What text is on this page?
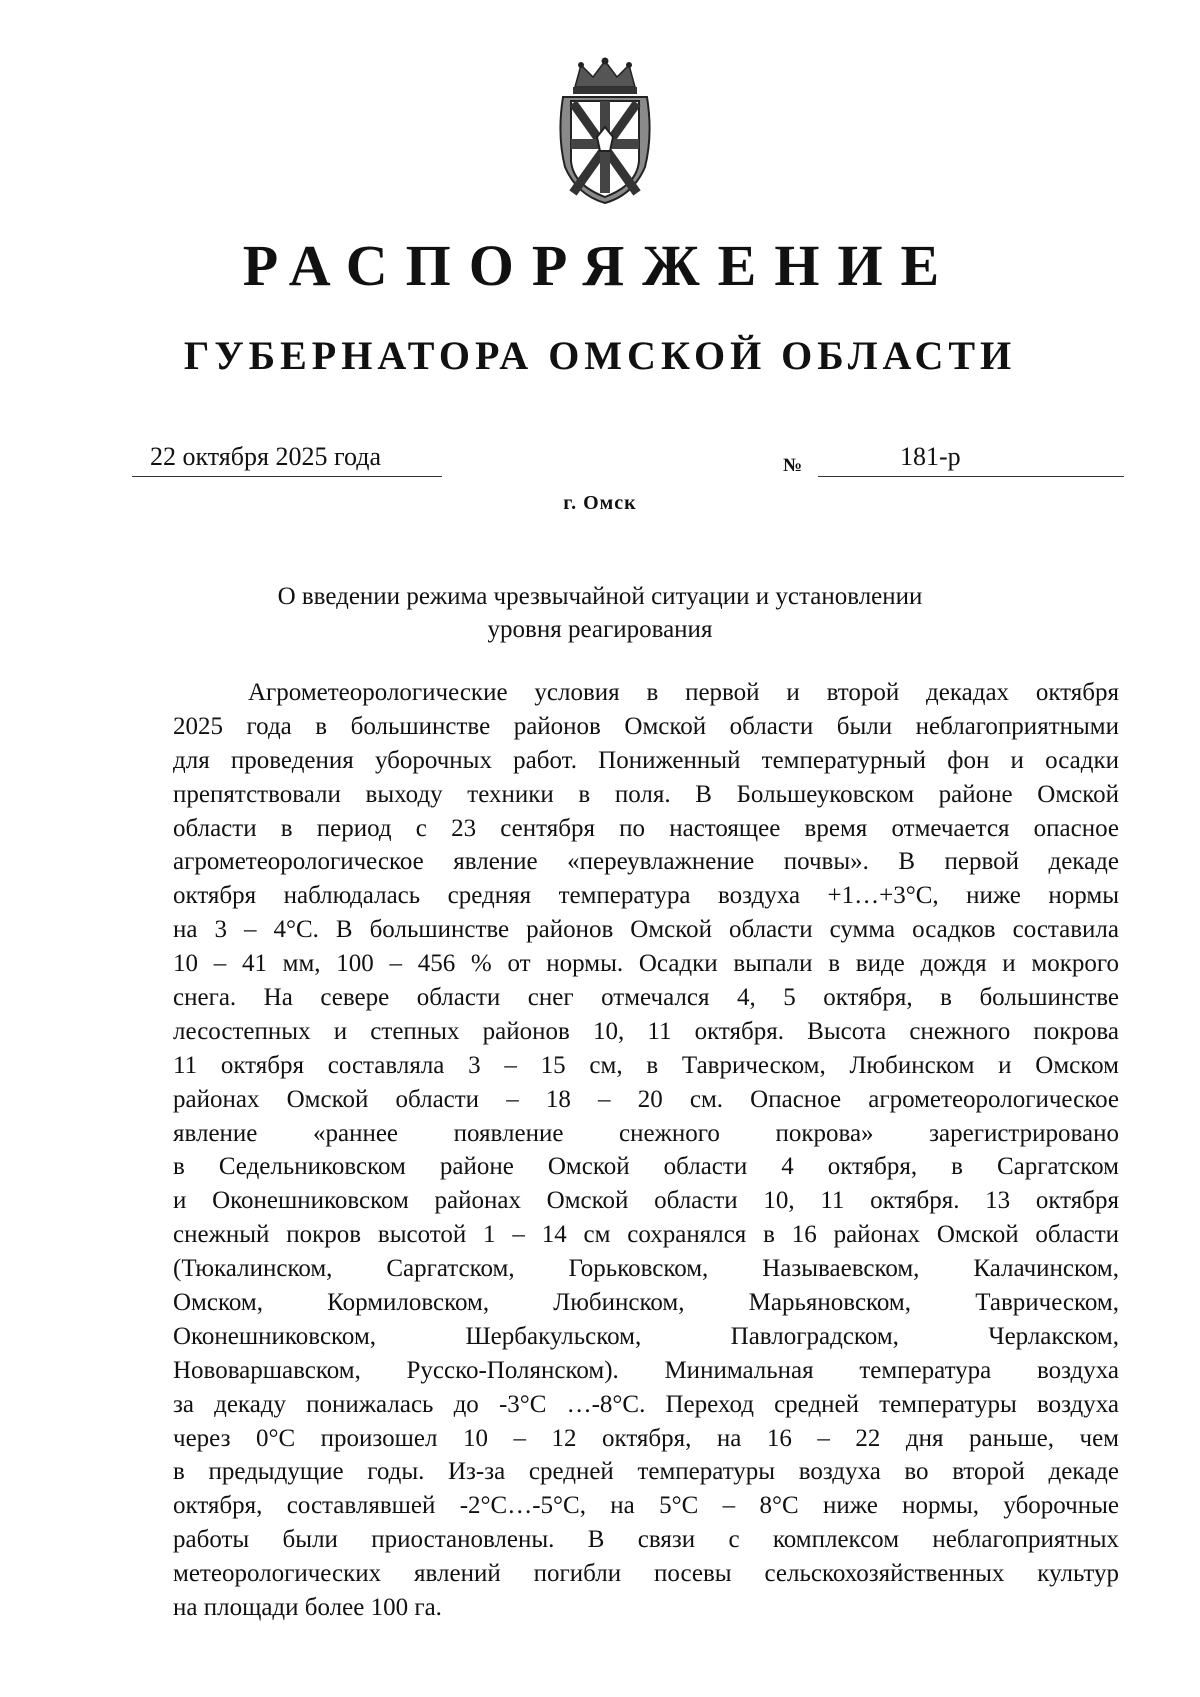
РАСПОРЯЖЕНИЕ
ГУБЕРНАТОРА ОМСКОЙ ОБЛАСТИ
22 октября 2025 года	№	181-р
г. Омск
О введении режима чрезвычайной ситуации и установлении
уровня реагирования
Агрометеорологические условия в первой и второй декадах октября
2025 года в большинстве районов Омской области были неблагоприятными
для проведения уборочных работ. Пониженный температурный фон и осадки
препятствовали выходу техники в поля. В Большеуковском районе Омской
области в период с 23 сентября по настоящее время отмечается опасное
агрометеорологическое явление «переувлажнение почвы». В первой декаде
октября наблюдалась средняя температура воздуха +1…+3°С, ниже нормы
на 3 – 4°С. В большинстве районов Омской области сумма осадков составила
10 – 41 мм, 100 – 456 % от нормы. Осадки выпали в виде дождя и мокрого
снега. На севере области снег отмечался 4, 5 октября, в большинстве
лесостепных и степных районов 10, 11 октября. Высота снежного покрова
11 октября составляла 3 – 15 см, в Таврическом, Любинском и Омском
районах Омской области – 18 – 20 см. Опасное агрометеорологическое
явление «раннее появление снежного покрова» зарегистрировано
в Седельниковском районе Омской области 4 октября, в Саргатском
и Оконешниковском районах Омской области 10, 11 октября. 13 октября
снежный покров высотой 1 – 14 см сохранялся в 16 районах Омской области
(Тюкалинском, Саргатском, Горьковском, Называевском, Калачинском,
Омском, Кормиловском, Любинском, Марьяновском, Таврическом,
Оконешниковском, Шербакульском, Павлоградском, Черлакском,
Нововаршавском, Русско-Полянском). Минимальная температура воздуха
за декаду понижалась до -3°С …-8°С. Переход средней температуры воздуха
через 0°С произошел 10 – 12 октября, на 16 – 22 дня раньше, чем
в предыдущие годы. Из-за средней температуры воздуха во второй декаде
октября, составлявшей -2°С…-5°С, на 5°С – 8°С ниже нормы, уборочные
работы были приостановлены. В связи с комплексом неблагоприятных
метеорологических явлений погибли посевы сельскохозяйственных культур
на площади более 100 га.
